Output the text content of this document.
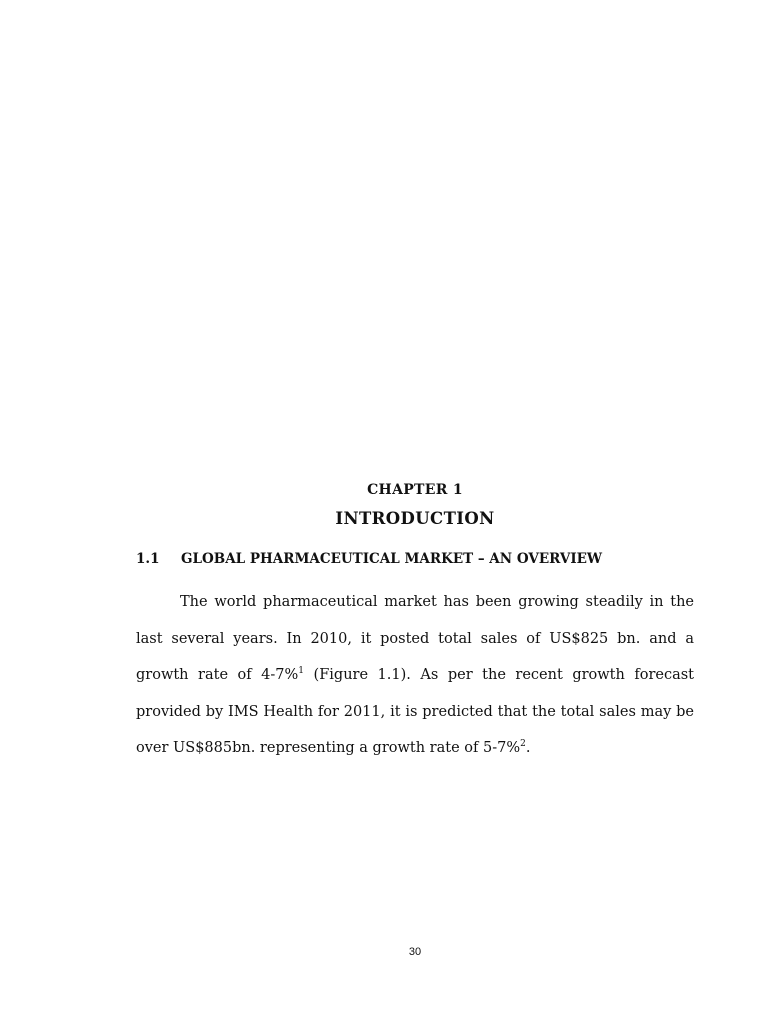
CHAPTER 1
INTRODUCTION
1.1 GLOBAL PHARMACEUTICAL MARKET – AN OVERVIEW

The world pharmaceutical market has been growing steadily in the last several years. In 2010, it posted total sales of US$825 bn. and a growth rate of 4-7%$^1$ (Figure 1.1). As per the recent growth forecast provided by IMS Health for 2011, it is predicted that the total sales may be over US$885bn. representing a growth rate of 5-7%$^2$.

30
